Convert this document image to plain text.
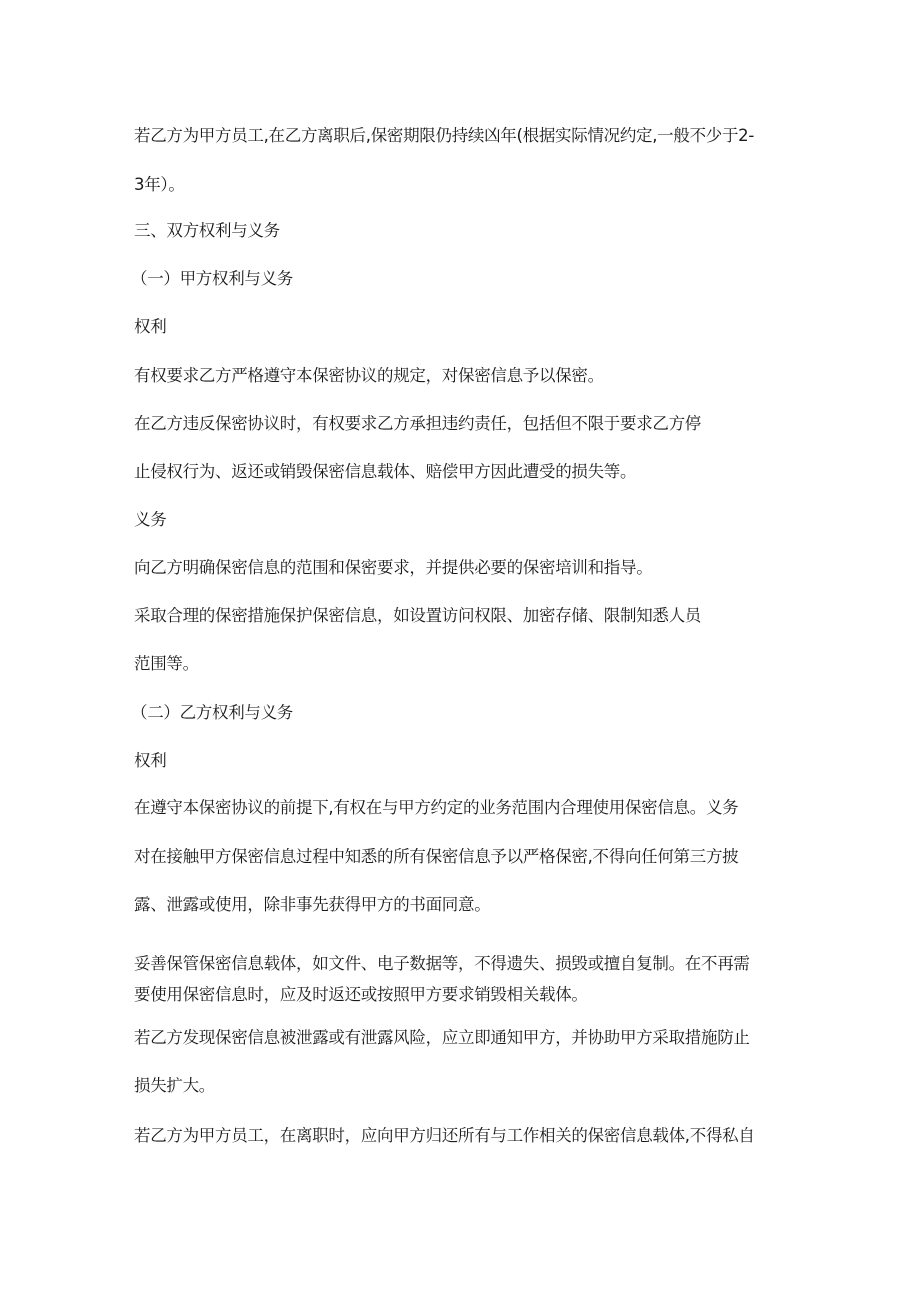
若乙方为甲方员工,在乙方离职后,保密期限仍持续凶年(根据实际情况约定,一般不少于2-
3年）。
三、双方权利与义务
（一）甲方权利与义务
权利
有权要求乙方严格遵守本保密协议的规定，对保密信息予以保密。
在乙方违反保密协议时，有权要求乙方承担违约责任，包括但不限于要求乙方停
止侵权行为、返还或销毁保密信息载体、赔偿甲方因此遭受的损失等。
义务
向乙方明确保密信息的范围和保密要求，并提供必要的保密培训和指导。
采取合理的保密措施保护保密信息，如设置访问权限、加密存储、限制知悉人员
范围等。
（二）乙方权利与义务
权利
在遵守本保密协议的前提下,有权在与甲方约定的业务范围内合理使用保密信息。义务
对在接触甲方保密信息过程中知悉的所有保密信息予以严格保密,不得向任何第三方披
露、泄露或使用，除非事先获得甲方的书面同意。
妥善保管保密信息载体，如文件、电子数据等，不得遗失、损毁或擅自复制。在不再需
要使用保密信息时，应及时返还或按照甲方要求销毁相关载体。
若乙方发现保密信息被泄露或有泄露风险，应立即通知甲方，并协助甲方采取措施防止
损失扩大。
若乙方为甲方员工，在离职时，应向甲方归还所有与工作相关的保密信息载体,不得私自
